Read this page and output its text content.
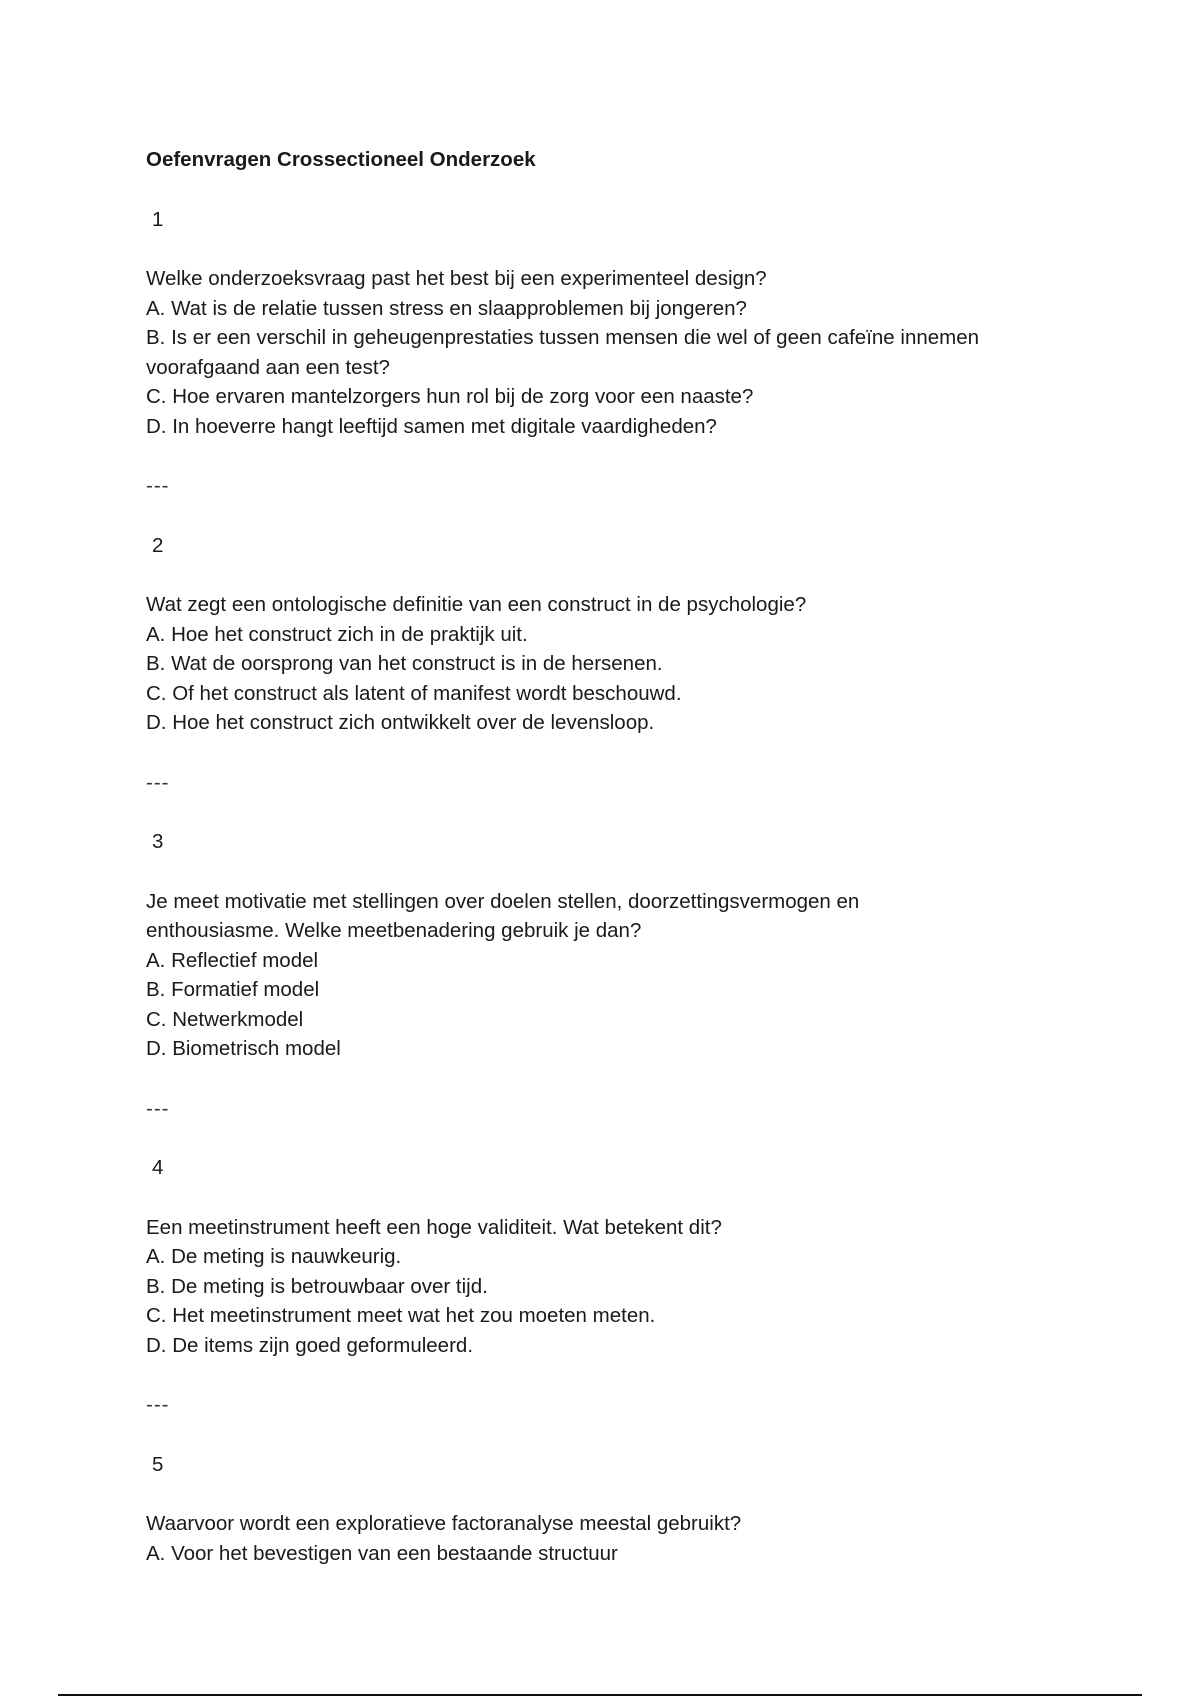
Oefenvragen Crossectioneel Onderzoek
1
Welke onderzoeksvraag past het best bij een experimenteel design?
A. Wat is de relatie tussen stress en slaapproblemen bij jongeren?
B. Is er een verschil in geheugenprestaties tussen mensen die wel of geen cafeïne innemen voorafgaand aan een test?
C. Hoe ervaren mantelzorgers hun rol bij de zorg voor een naaste?
D. In hoeverre hangt leeftijd samen met digitale vaardigheden?
---
2
Wat zegt een ontologische definitie van een construct in de psychologie?
A. Hoe het construct zich in de praktijk uit.
B. Wat de oorsprong van het construct is in de hersenen.
C. Of het construct als latent of manifest wordt beschouwd.
D. Hoe het construct zich ontwikkelt over de levensloop.
---
3
Je meet motivatie met stellingen over doelen stellen, doorzettingsvermogen en enthousiasme. Welke meetbenadering gebruik je dan?
A. Reflectief model
B. Formatief model
C. Netwerkmodel
D. Biometrisch model
---
4
Een meetinstrument heeft een hoge validiteit. Wat betekent dit?
A. De meting is nauwkeurig.
B. De meting is betrouwbaar over tijd.
C. Het meetinstrument meet wat het zou moeten meten.
D. De items zijn goed geformuleerd.
---
5
Waarvoor wordt een exploratieve factoranalyse meestal gebruikt?
A. Voor het bevestigen van een bestaande structuur
